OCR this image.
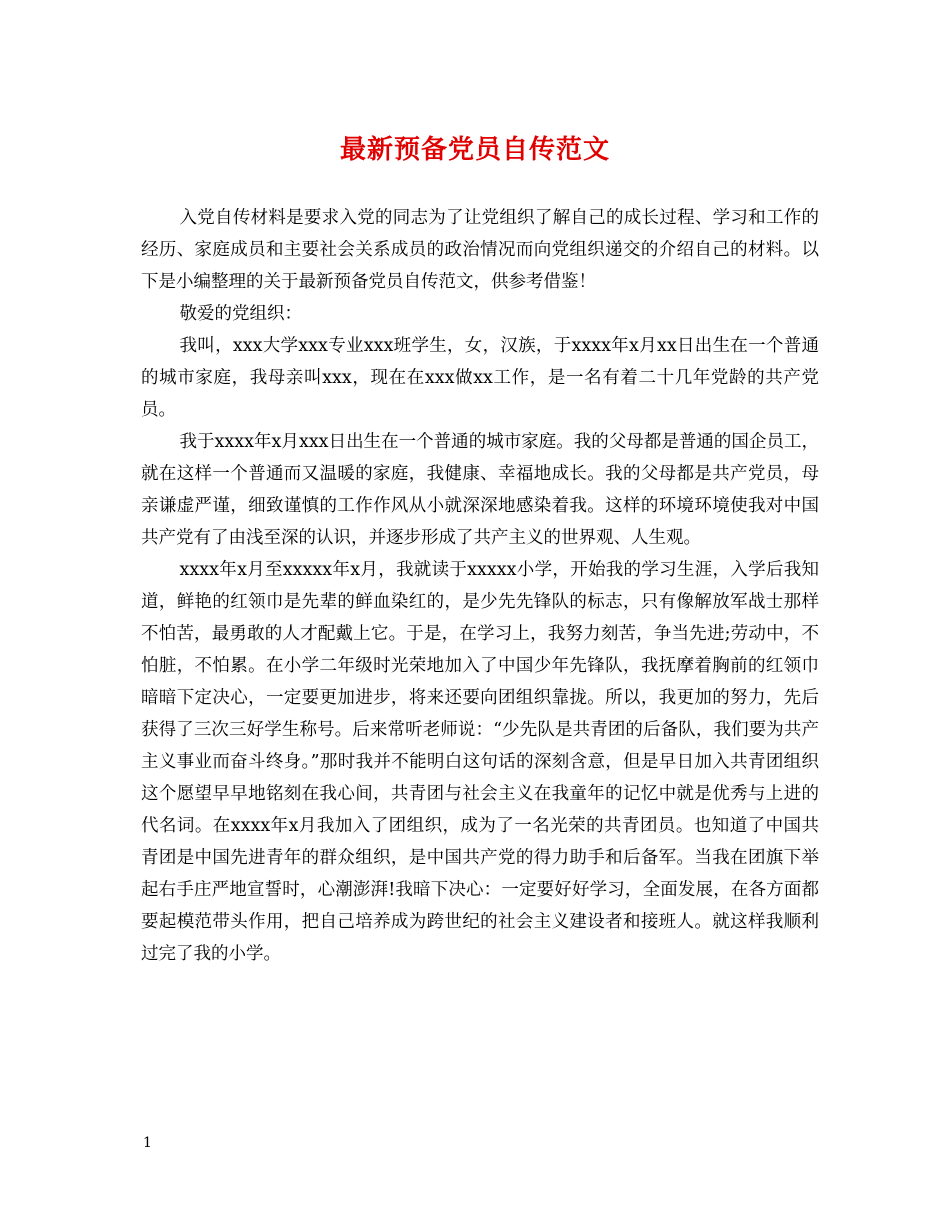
最新预备党员自传范文

入党自传材料是要求入党的同志为了让党组织了解自己的成长过程、学习和工作的经历、家庭成员和主要社会关系成员的政治情况而向党组织递交的介绍自己的材料。以下是小编整理的关于最新预备党员自传范文，供参考借鉴！

敬爱的党组织：

我叫，xxx大学xxx专业xxx班学生，女，汉族，于xxxx年x月xx日出生在一个普通的城市家庭，我母亲叫xxx，现在在xxx做xx工作，是一名有着二十几年党龄的共产党员。

我于xxxx年x月xxx日出生在一个普通的城市家庭。我的父母都是普通的国企员工，就在这样一个普通而又温暖的家庭，我健康、幸福地成长。我的父母都是共产党员，母亲谦虚严谨，细致谨慎的工作作风从小就深深地感染着我。这样的环境环境使我对中国共产党有了由浅至深的认识，并逐步形成了共产主义的世界观、人生观。

xxxx年x月至xxxxx年x月，我就读于xxxxx小学，开始我的学习生涯，入学后我知道，鲜艳的红领巾是先辈的鲜血染红的，是少先先锋队的标志，只有像解放军战士那样不怕苦，最勇敢的人才配戴上它。于是，在学习上，我努力刻苦，争当先进;劳动中，不怕脏，不怕累。在小学二年级时光荣地加入了中国少年先锋队，我抚摩着胸前的红领巾暗暗下定决心，一定要更加进步，将来还要向团组织靠拢。所以，我更加的努力，先后获得了三次三好学生称号。后来常听老师说：“少先队是共青团的后备队，我们要为共产主义事业而奋斗终身。”那时我并不能明白这句话的深刻含意，但是早日加入共青团组织这个愿望早早地铭刻在我心间，共青团与社会主义在我童年的记忆中就是优秀与上进的代名词。在xxxx年x月我加入了团组织，成为了一名光荣的共青团员。也知道了中国共青团是中国先进青年的群众组织，是中国共产党的得力助手和后备军。当我在团旗下举起右手庄严地宣誓时，心潮澎湃!我暗下决心：一定要好好学习，全面发展，在各方面都要起模范带头作用，把自己培养成为跨世纪的社会主义建设者和接班人。就这样我顺利过完了我的小学。

1
